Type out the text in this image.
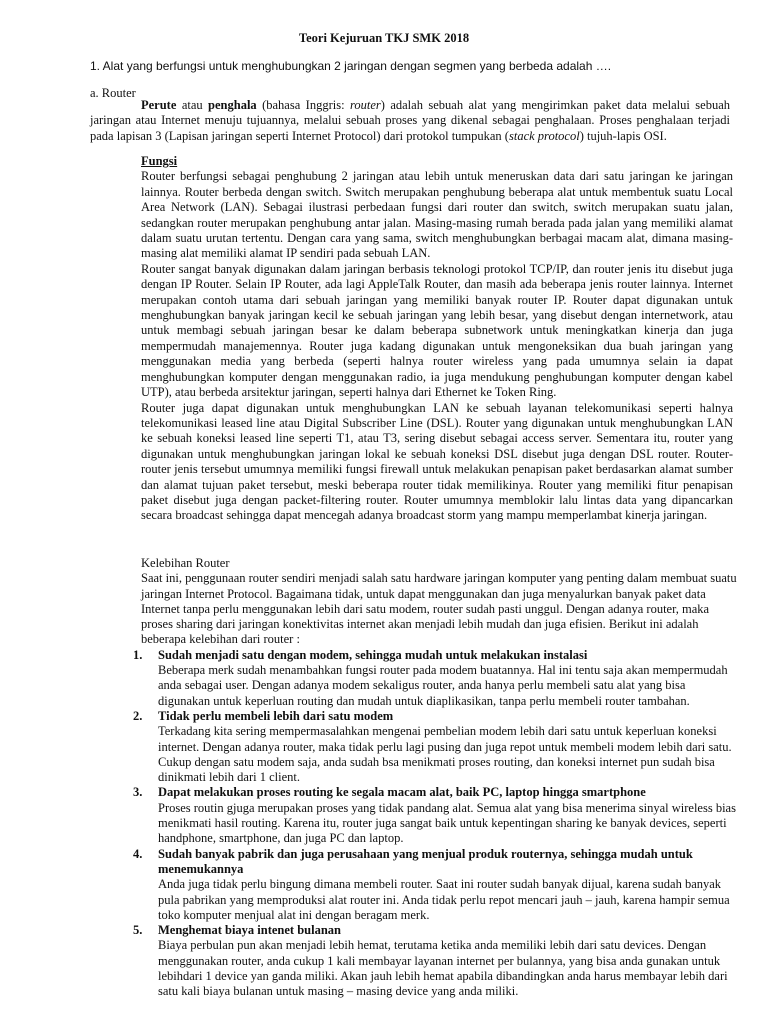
Teori Kejuruan TKJ SMK 2018
1. Alat yang berfungsi untuk menghubungkan 2 jaringan dengan segmen yang berbeda adalah ….
a. Router
Perute atau penghala (bahasa Inggris: router) adalah sebuah alat yang mengirimkan paket data melalui sebuah jaringan atau Internet menuju tujuannya, melalui sebuah proses yang dikenal sebagai penghalaan. Proses penghalaan terjadi pada lapisan 3 (Lapisan jaringan seperti Internet Protocol) dari protokol tumpukan (stack protocol) tujuh-lapis OSI.
Fungsi
Router berfungsi sebagai penghubung 2 jaringan atau lebih untuk meneruskan data dari satu jaringan ke jaringan lainnya. Router berbeda dengan switch. Switch merupakan penghubung beberapa alat untuk membentuk suatu Local Area Network (LAN). Sebagai ilustrasi perbedaan fungsi dari router dan switch, switch merupakan suatu jalan, sedangkan router merupakan penghubung antar jalan. Masing-masing rumah berada pada jalan yang memiliki alamat dalam suatu urutan tertentu. Dengan cara yang sama, switch menghubungkan berbagai macam alat, dimana masing-masing alat memiliki alamat IP sendiri pada sebuah LAN.
Router sangat banyak digunakan dalam jaringan berbasis teknologi protokol TCP/IP, dan router jenis itu disebut juga dengan IP Router. Selain IP Router, ada lagi AppleTalk Router, dan masih ada beberapa jenis router lainnya. Internet merupakan contoh utama dari sebuah jaringan yang memiliki banyak router IP. Router dapat digunakan untuk menghubungkan banyak jaringan kecil ke sebuah jaringan yang lebih besar, yang disebut dengan internetwork, atau untuk membagi sebuah jaringan besar ke dalam beberapa subnetwork untuk meningkatkan kinerja dan juga mempermudah manajemennya. Router juga kadang digunakan untuk mengoneksikan dua buah jaringan yang menggunakan media yang berbeda (seperti halnya router wireless yang pada umumnya selain ia dapat menghubungkan komputer dengan menggunakan radio, ia juga mendukung penghubungan komputer dengan kabel UTP), atau berbeda arsitektur jaringan, seperti halnya dari Ethernet ke Token Ring.
Router juga dapat digunakan untuk menghubungkan LAN ke sebuah layanan telekomunikasi seperti halnya telekomunikasi leased line atau Digital Subscriber Line (DSL). Router yang digunakan untuk menghubungkan LAN ke sebuah koneksi leased line seperti T1, atau T3, sering disebut sebagai access server. Sementara itu, router yang digunakan untuk menghubungkan jaringan lokal ke sebuah koneksi DSL disebut juga dengan DSL router. Router-router jenis tersebut umumnya memiliki fungsi firewall untuk melakukan penapisan paket berdasarkan alamat sumber dan alamat tujuan paket tersebut, meski beberapa router tidak memilikinya. Router yang memiliki fitur penapisan paket disebut juga dengan packet-filtering router. Router umumnya memblokir lalu lintas data yang dipancarkan secara broadcast sehingga dapat mencegah adanya broadcast storm yang mampu memperlambat kinerja jaringan.
Kelebihan Router
Saat ini, penggunaan router sendiri menjadi salah satu hardware jaringan komputer yang penting dalam membuat suatu jaringan Internet Protocol. Bagaimana tidak, untuk dapat menggunakan dan juga menyalurkan banyak paket data Internet tanpa perlu menggunakan lebih dari satu modem, router sudah pasti unggul. Dengan adanya router, maka proses sharing dari jaringan konektivitas internet akan menjadi lebih mudah dan juga efisien. Berikut ini adalah beberapa kelebihan dari router :
1. Sudah menjadi satu dengan modem, sehingga mudah untuk melakukan instalasi
Beberapa merk sudah menambahkan fungsi router pada modem buatannya. Hal ini tentu saja akan mempermudah anda sebagai user. Dengan adanya modem sekaligus router, anda hanya perlu membeli satu alat yang bisa digunakan untuk keperluan routing dan mudah untuk diaplikasikan, tanpa perlu membeli router tambahan.
2. Tidak perlu membeli lebih dari satu modem
Terkadang kita sering mempermasalahkan mengenai pembelian modem lebih dari satu untuk keperluan koneksi internet. Dengan adanya router, maka tidak perlu lagi pusing dan juga repot untuk membeli modem lebih dari satu. Cukup dengan satu modem saja, anda sudah bsa menikmati proses routing, dan koneksi internet pun sudah bisa dinikmati lebih dari 1 client.
3. Dapat melakukan proses routing ke segala macam alat, baik PC, laptop hingga smartphone
Proses routin gjuga merupakan proses yang tidak pandang alat. Semua alat yang bisa menerima sinyal wireless bias menikmati hasil routing. Karena itu, router juga sangat baik untuk kepentingan sharing ke banyak devices, seperti handphone, smartphone, dan juga PC dan laptop.
4. Sudah banyak pabrik dan juga perusahaan yang menjual produk routernya, sehingga mudah untuk menemukannya
Anda juga tidak perlu bingung dimana membeli router. Saat ini router sudah banyak dijual, karena sudah banyak pula pabrikan yang memproduksi alat router ini. Anda tidak perlu repot mencari jauh – jauh, karena hampir semua toko komputer menjual alat ini dengan beragam merk.
5. Menghemat biaya intenet bulanan
Biaya perbulan pun akan menjadi lebih hemat, terutama ketika anda memiliki lebih dari satu devices. Dengan menggunakan router, anda cukup 1 kali membayar layanan internet per bulannya, yang bisa anda gunakan untuk lebihdari 1 device yan ganda miliki. Akan jauh lebih hemat apabila dibandingkan anda harus membayar lebih dari satu kali biaya bulanan untuk masing – masing device yang anda miliki.
